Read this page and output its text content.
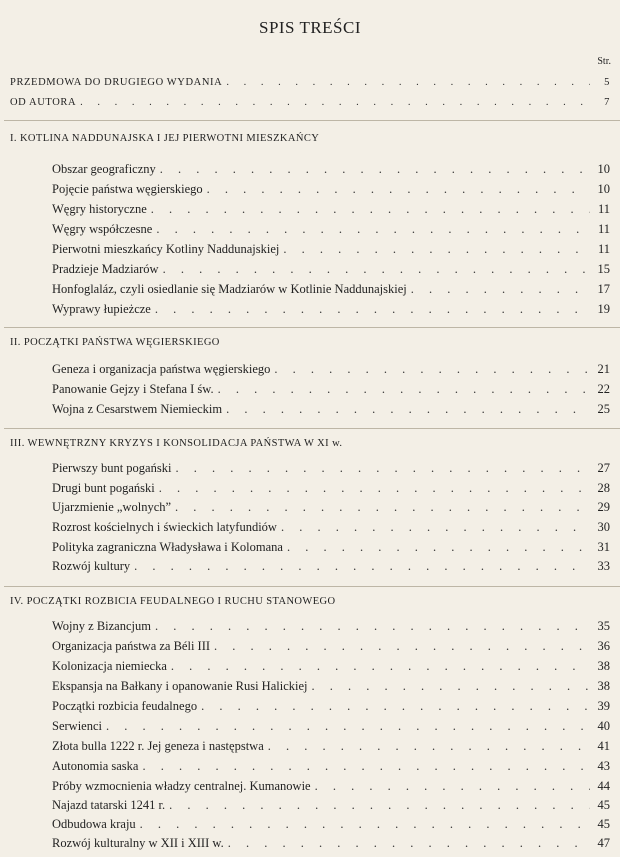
SPIS TREŚCI
Str.
PRZEDMOWA DO DRUGIEGO WYDANIA . . .	5
OD AUTORA . . .	7
I. KOTLINA NADDUNAJSKA I JEJ PIERWOTNI MIESZKAŃCY
Obszar geograficzny . . .	10
Pojęcie państwa węgierskiego . . .	10
Węgry historyczne . . .	11
Węgry współczesne . . .	11
Pierwotni mieszkańcy Kotliny Naddunajskiej . . .	11
Pradzieje Madziarów . . .	15
Honfoglaláz, czyli osiedlanie się Madziarów w Kotlinie Naddunajskiej . . .	17
Wyprawy łupieżcze . . .	19
II. POCZĄTKI PAŃSTWA WĘGIERSKIEGO
Geneza i organizacja państwa węgierskiego . . .	21
Panowanie Gejzy i Stefana I św. . . .	22
Wojna z Cesarstwem Niemieckim . . .	25
III. WEWNĘTRZNY KRYZYS I KONSOLIDACJA PAŃSTWA W XI w.
Pierwszy bunt pogański . . .	27
Drugi bunt pogański . . .	28
Ujarzmienie „wolnych” . . .	29
Rozrost kościelnych i świeckich latyfundiów . . .	30
Polityka zagraniczna Władysława i Kolomana . . .	31
Rozwój kultury . . .	33
IV. POCZĄTKI ROZBICIA FEUDALNEGO I RUCHU STANOWEGO
Wojny z Bizancjum . . .	35
Organizacja państwa za Béli III . . .	36
Kolonizacja niemiecka . . .	38
Ekspansja na Bałkany i opanowanie Rusi Halickiej . . .	38
Początki rozbicia feudalnego . . .	39
Serwienci . . .	40
Złota bulla 1222 r. Jej geneza i następstwa . . .	41
Autonomia saska . . .	43
Próby wzmocnienia władzy centralnej. Kumanowie . . .	44
Najazd tatarski 1241 r. . . .	45
Odbudowa kraju . . .	45
Rozwój kulturalny w XII i XIII w. . . .	47
